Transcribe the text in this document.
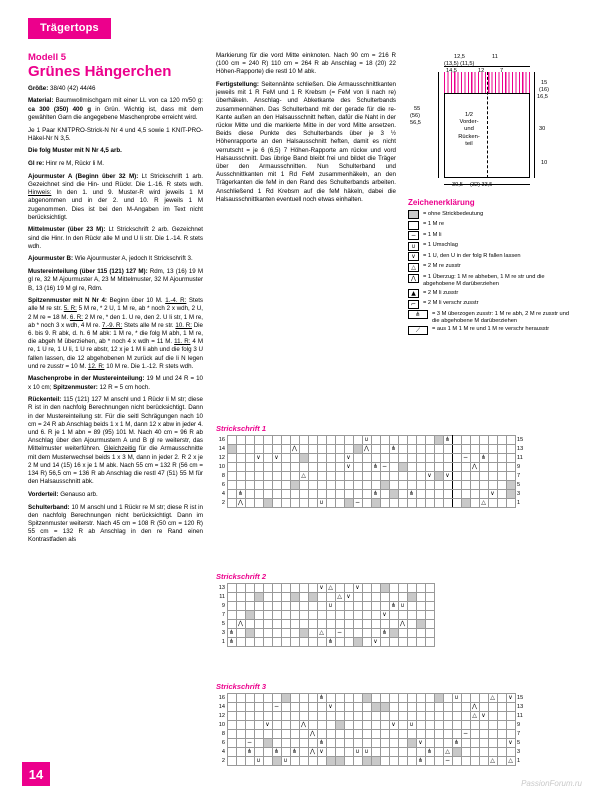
Trägertops
Modell 5
Grünes Hängerchen

Größe: 38/40 (42) 44/46

Material: Baumwollmischgarn mit einer LL von ca 120 m/50 g: ca 300 (350) 400 g in Grün. Wichtig ist, dass mit dem gewählten Garn die angegebene Maschenprobe erreicht wird.

Je 1 Paar KNITPRO-Strick-N Nr 4 und 4,5 sowie 1 KNIT-PRO-Häkel-Nr N 3,5.

Die folg Muster mit N Nr 4,5 arb.

Gl re: Hinr re M, Rückr li M.

Ajourmuster A (Beginn über 32 M): Lt Strickschrift 1 arb. Gezeichnet sind die Hin- und Rückr. Die 1.-16. R stets wdh. Hinweis: In den 1. und 9. Muster-R wird jeweils 1 M abgenommen und in der 2. und 10. R jeweils 1 M zugenommen. Dies ist bei den M-Angaben im Text nicht berücksichtigt.

Mittelmuster (über 23 M): Lt Strickschrift 2 arb. Gezeichnet sind die Hinr. In den Rückr alle M und U li str. Die 1.-14. R stets wdh.

Ajourmuster B: Wie Ajourmuster A, jedoch lt Strickschrift 3.

Mustereinteilung (über 115 (121) 127 M): Rdm, 13 (16) 19 M gl re, 32 M Ajourmuster A, 23 M Mittelmuster, 32 M Ajourmuster B, 13 (16) 19 M gl re, Rdm.

Spitzenmuster mit N Nr 4: Beginn über 10 M. 1.-4. R: Stets alle M re str. 5. R: 5 M re, * 2 U, 1 M re, ab * noch 2 x wdh, 2 U, 2 M re = 18 M. 6. R: 2 M re, * den 1. U re, den 2. U li str, 1 M re, ab * noch 3 x wdh, 4 M re. 7.-9. R: Stets alle M re str. 10. R: Die 6. bis 9. R abk, d. h. 6 M abk: 1 M re, * die folg M abh, 1 M re, die abgeh M überziehen, ab * noch 4 x wdh = 11 M. 11. R: 4 M re, 1 U re, 1 U li, 1 U re abstr, 12 x je 1 M li abh und die folg 3 U fallen lassen, die 12 abgehobenen M zurück auf die li N legen und re zusstr = 10 M. 12. R: 10 M re. Die 1.-12. R stets wdh.

Maschenprobe in der Mustereinteilung: 19 M und 24 R = 10 x 10 cm; Spitzenmuster: 12 R = 5 cm hoch.

Rückenteil: 115 (121) 127 M anschl und 1 Rückr li M str; diese R ist in den nachfolg Berechnungen nicht berücksichtigt. Dann in der Mustereinteilung str. Für die seitl Schrägungen nach 10 cm = 24 R ab Anschlag beids 1 x 1 M, dann 12 x abw in jeder 4. und 6. R je 1 M abn = 89 (95) 101 M. Nach 40 cm = 96 R ab Anschlag über den Ajourmustern A und B gl re weiterstr, das Mittelmuster weiterführen. Gleichzeitig für die Armausschnitte mit dem Musterwechsel beids 1 x 3 M, dann in jeder 2. R 2 x je 2 M und 14 (15) 16 x je 1 M abk. Nach 55 cm = 132 R (56 cm = 134 R) 56,5 cm = 136 R ab Anschlag die restl 47 (51) 55 M für den Halsausschnitt abk.

Vorderteil: Genauso arb.

Schulterband: 10 M anschl und 1 Rückr re M str; diese R ist in den nachfolg Berechnungen nicht berücksichtigt. Dann im Spitzenmuster weiterstr. Nach 45 cm = 108 R (50 cm = 120 R) 55 cm = 132 R ab Anschlag in den re Rand einen Kontrastfaden als

Markierung für die vord Mitte einknoten. Nach 90 cm = 216 R (100 cm = 240 R) 110 cm = 264 R ab Anschlag = 18 (20) 22 Höhen-Rapporte) die restl 10 M abk.

Fertigstellung: Seitennähte schließen. Die Armausschnittkanten jeweils mit 1 R FeM und 1 R Krebsm (= FeM von li nach re) überhäkeln. Anschlag- und Abketkante des Schulterbands zusammennähen. Das Schulterband mit der gerade für die re-Kante außen an den Halsausschnitt heften, dafür die Naht in der rückw Mitte und die markierte Mitte in der vord Mitte ansetzen. Beids diese Punkte des Schulterbands über je 3 ½ Höhenrapporte an den Halsausschnitt heften, damit es nicht verrutscht = je 6 (6,5) 7 Höhen-Rapporte am rückw und vord Halsausschnitt. Das übrige Band bleibt frei und bildet die Träger über den Armausschnitten. Nun Schulterband und Ausschnittkanten mit 1 Rd FeM zusammenhäkeln, an den Trägerkanten die feM in den Rand des Schulterbands arbeiten. Anschließend 1 Rd Krebsm auf die feM häkeln, dabei die Halsausschnittkanten eventuell noch etwas einhalten.

1/2
Vorder-
und
Rücken-
teil
12,5	11
(13,5) (11,5)
14,5	12	7
15
(16)
16,5
55
(56)
56,5
30
10
30,5 (32) 33,5
Zeichenerklärung
= ohne Strickbedeutung
= 1 M re
−	= 1 M li
∪	= 1 Umschlag
∨	= 1 U, den U in der folg R fallen lassen
△	= 2 M re zusstr
⋀	= 1 Überzug: 1 M re abheben, 1 M re str und die abgehobene M darüberziehen
▲	= 2 M li zusstr
⌐	= 2 M li verschr zusstr
⋔	= 3 M überzogen zusstr: 1 M re abh, 2 M re zusstr und die abgehobene M darüberziehen
⟋	= aus 1 M 1 M re und 1 M re verschr herausstr
Strickschrift 1
16																∪									⋔								15
14								⋀								⋀			⋔														13
12				∨		∨								∨													−		⋔				11
10														∨			⋔	−										⋀					9
8									△														∨		∨								7
6																																	5
4		⋔															⋔				⋔									∨			3
2		⋀									∪				−														△				1
Strickschrift 2
13											∨	△			∨								
11													△	∨									
9												∪							⋔	∪			
7																		∨					
5		⋀																		⋀			
3	⋔										△		−					⋔					
1	⋔											⋔					∨						
Strickschrift 3
16											⋔															∪				△		∨	15
14						−						∨																⋀					13
12																												△	∨				11
10					∨				⋀										∨		∪												9
8										⋀																	−						7
6			−								⋔											∨				⋔						∨	5
4			⋔			⋔		⋔		⋀	∨				∪	∪							⋔		△								3
2				∪			∪															⋔			−					△		△	1
14
PassionForum.ru
